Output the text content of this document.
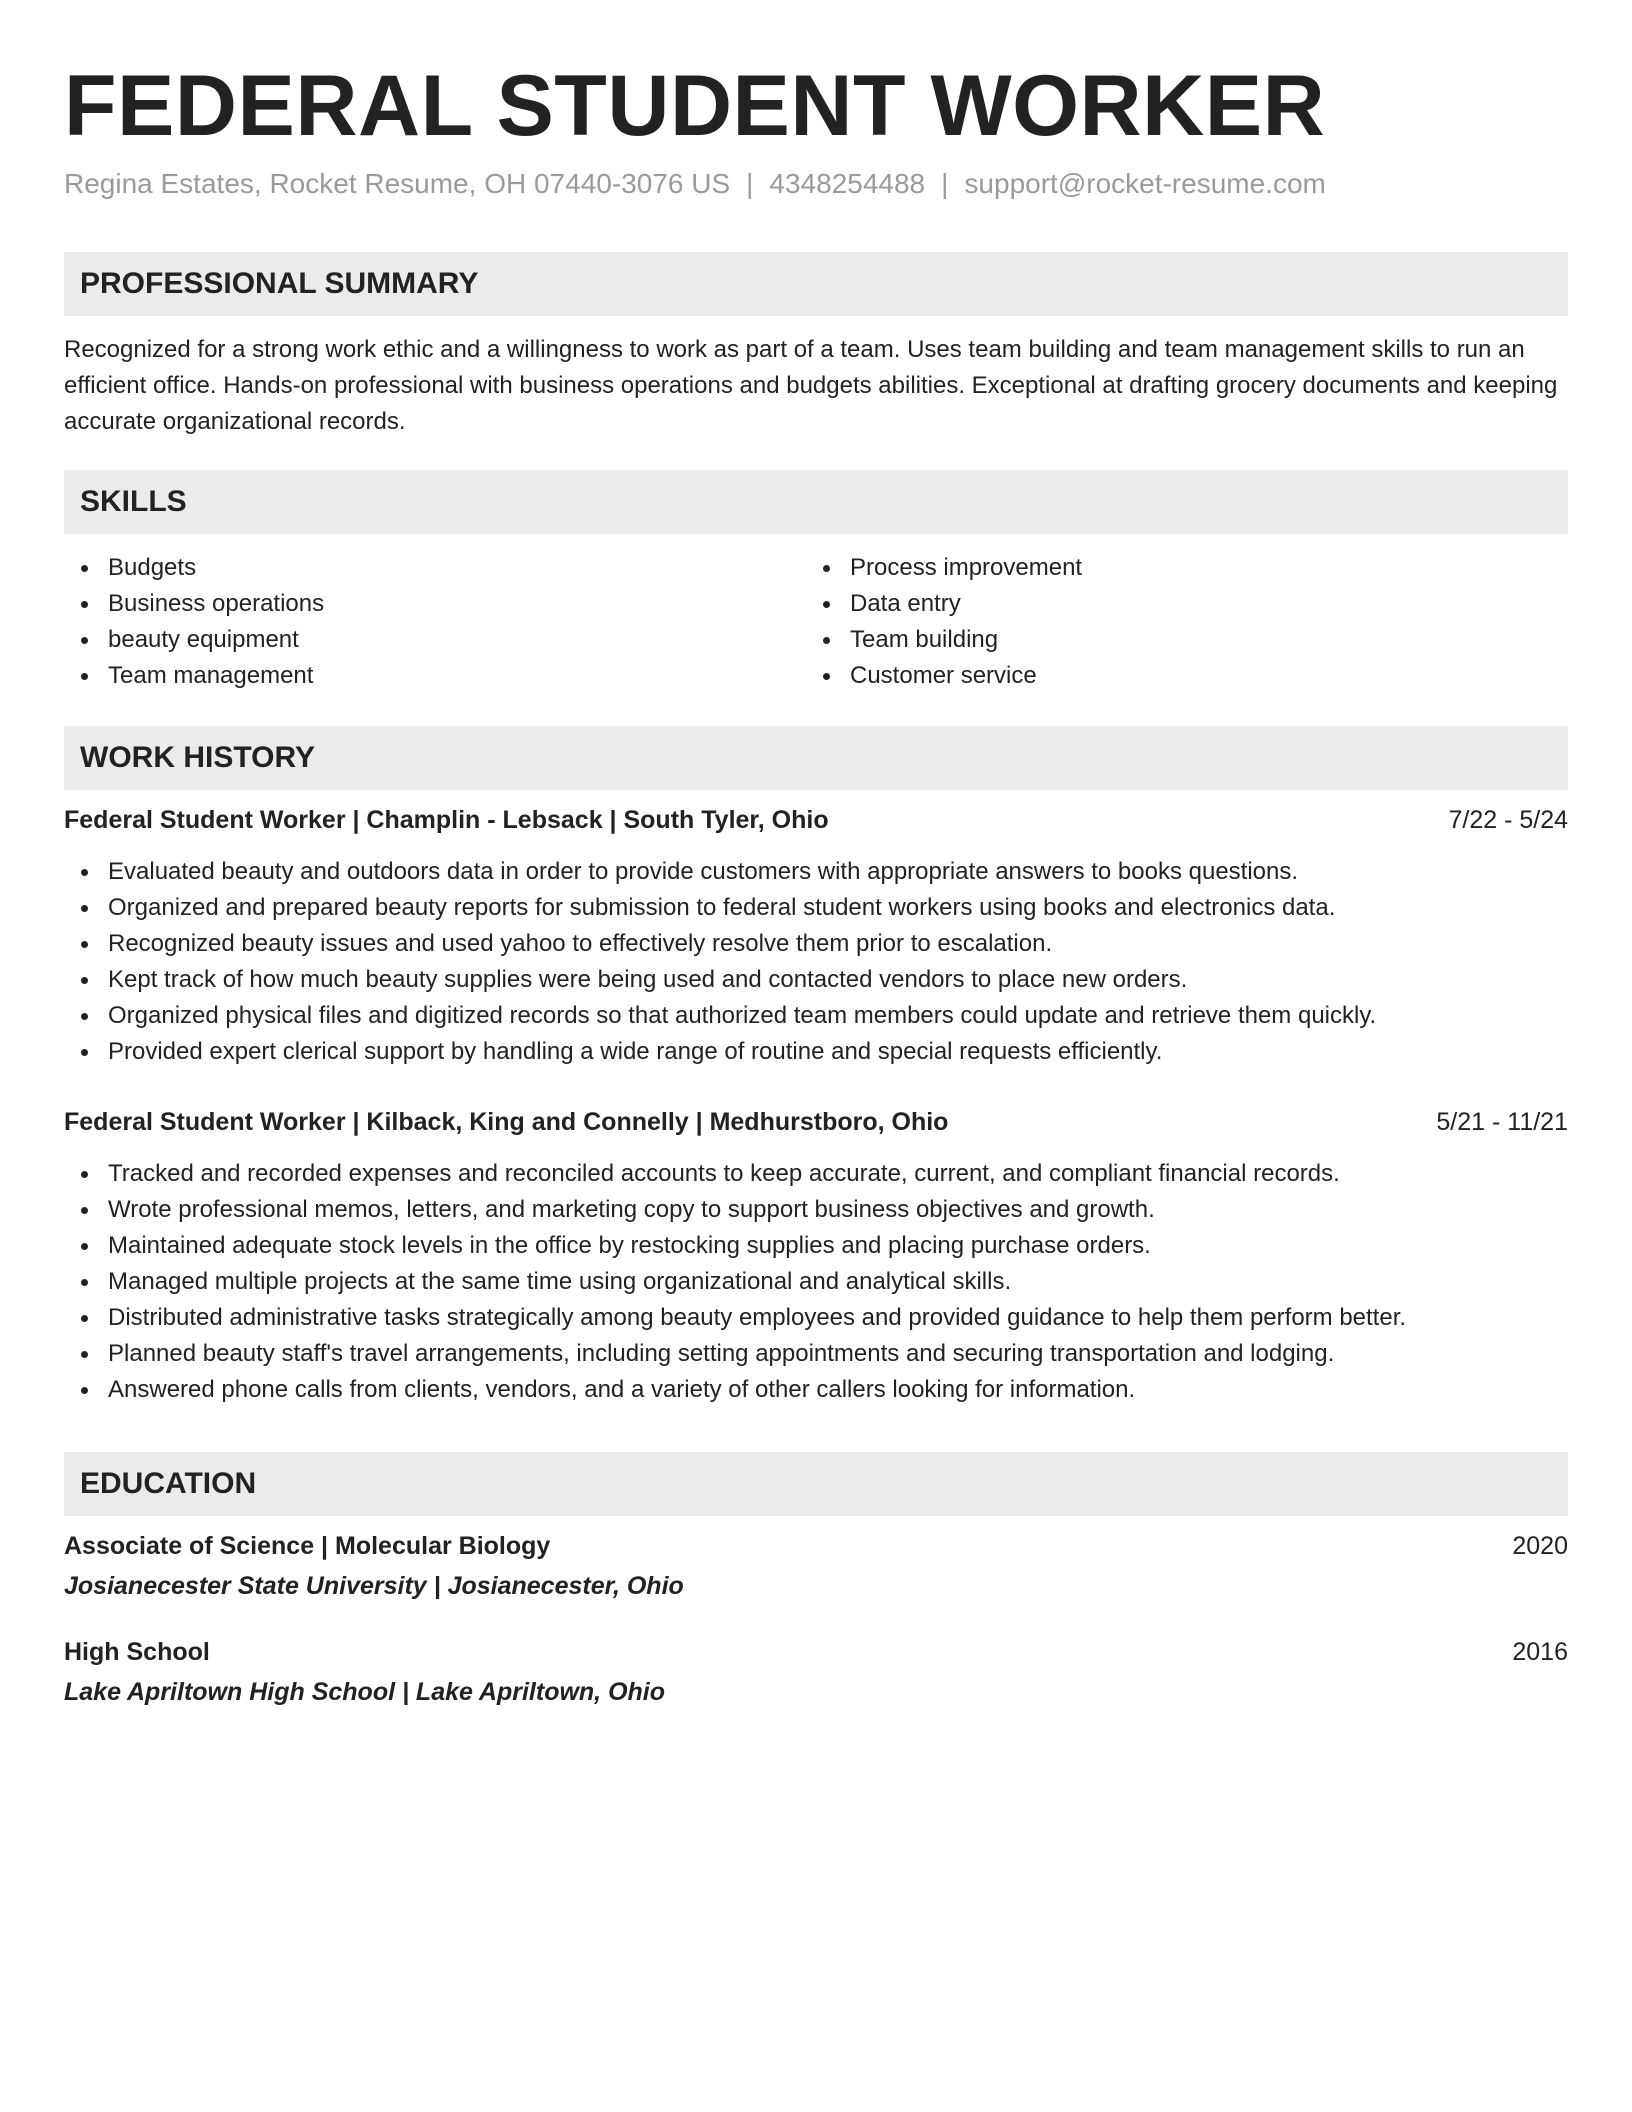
FEDERAL STUDENT WORKER
Regina Estates, Rocket Resume, OH 07440-3076 US | 4348254488 | support@rocket-resume.com
PROFESSIONAL SUMMARY

Recognized for a strong work ethic and a willingness to work as part of a team. Uses team building and team management skills to run an efficient office. Hands-on professional with business operations and budgets abilities. Exceptional at drafting grocery documents and keeping accurate organizational records.

SKILLS
Budgets
Business operations
beauty equipment
Team management
Process improvement
Data entry
Team building
Customer service
WORK HISTORY
Federal Student Worker | Champlin - Lebsack | South Tyler, Ohio	7/22 - 5/24
Evaluated beauty and outdoors data in order to provide customers with appropriate answers to books questions.
Organized and prepared beauty reports for submission to federal student workers using books and electronics data.
Recognized beauty issues and used yahoo to effectively resolve them prior to escalation.
Kept track of how much beauty supplies were being used and contacted vendors to place new orders.
Organized physical files and digitized records so that authorized team members could update and retrieve them quickly.
Provided expert clerical support by handling a wide range of routine and special requests efficiently.
Federal Student Worker | Kilback, King and Connelly | Medhurstboro, Ohio	5/21 - 11/21
Tracked and recorded expenses and reconciled accounts to keep accurate, current, and compliant financial records.
Wrote professional memos, letters, and marketing copy to support business objectives and growth.
Maintained adequate stock levels in the office by restocking supplies and placing purchase orders.
Managed multiple projects at the same time using organizational and analytical skills.
Distributed administrative tasks strategically among beauty employees and provided guidance to help them perform better.
Planned beauty staff's travel arrangements, including setting appointments and securing transportation and lodging.
Answered phone calls from clients, vendors, and a variety of other callers looking for information.
EDUCATION
Associate of Science | Molecular Biology	2020
Josianecester State University | Josianecester, Ohio
High School	2016
Lake Apriltown High School | Lake Apriltown, Ohio
